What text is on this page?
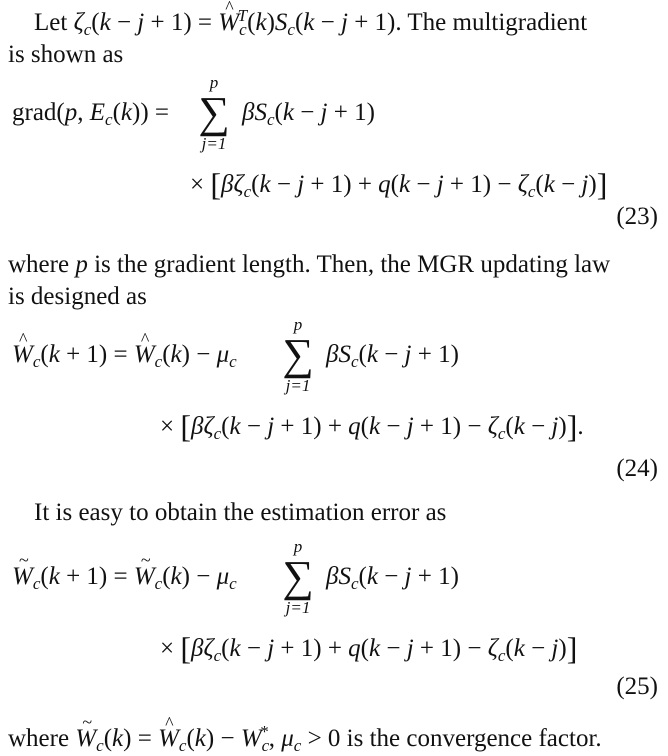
Let $\zeta_c(k - j + 1)$ = ^ $W_c^T(k)S_c(k - j + 1)$. The multigradient
is shown as
grad(p, $E_c(k)$) =
p
∑
j=1
$\beta S_c(k - j + 1)$
× $[\beta\zeta_c(k - j + 1) + q(k - j + 1) - \zeta_c(k - j)]$
(23)
where p is the gradient length. Then, the MGR updating law
is designed as
^ $W_c(k + 1)$ = ^ $W_c(k) - \mu_c$
p
∑
j=1
$\beta S_c(k - j + 1)$
× $[\beta\zeta_c(k - j + 1) + q(k - j + 1) - \zeta_c(k - j)]$.
(24)
It is easy to obtain the estimation error as
~ $W_c(k + 1)$ = ~ $W_c(k) - \mu_c$
p
∑
j=1
$\beta S_c(k - j + 1)$
× $[\beta\zeta_c(k - j + 1) + q(k - j + 1) - \zeta_c(k - j)]$
(25)
where ~ $W_c(k)$ = ^ $W_c(k) - W_c^*$, $\mu_c > 0$ is the convergence factor.
